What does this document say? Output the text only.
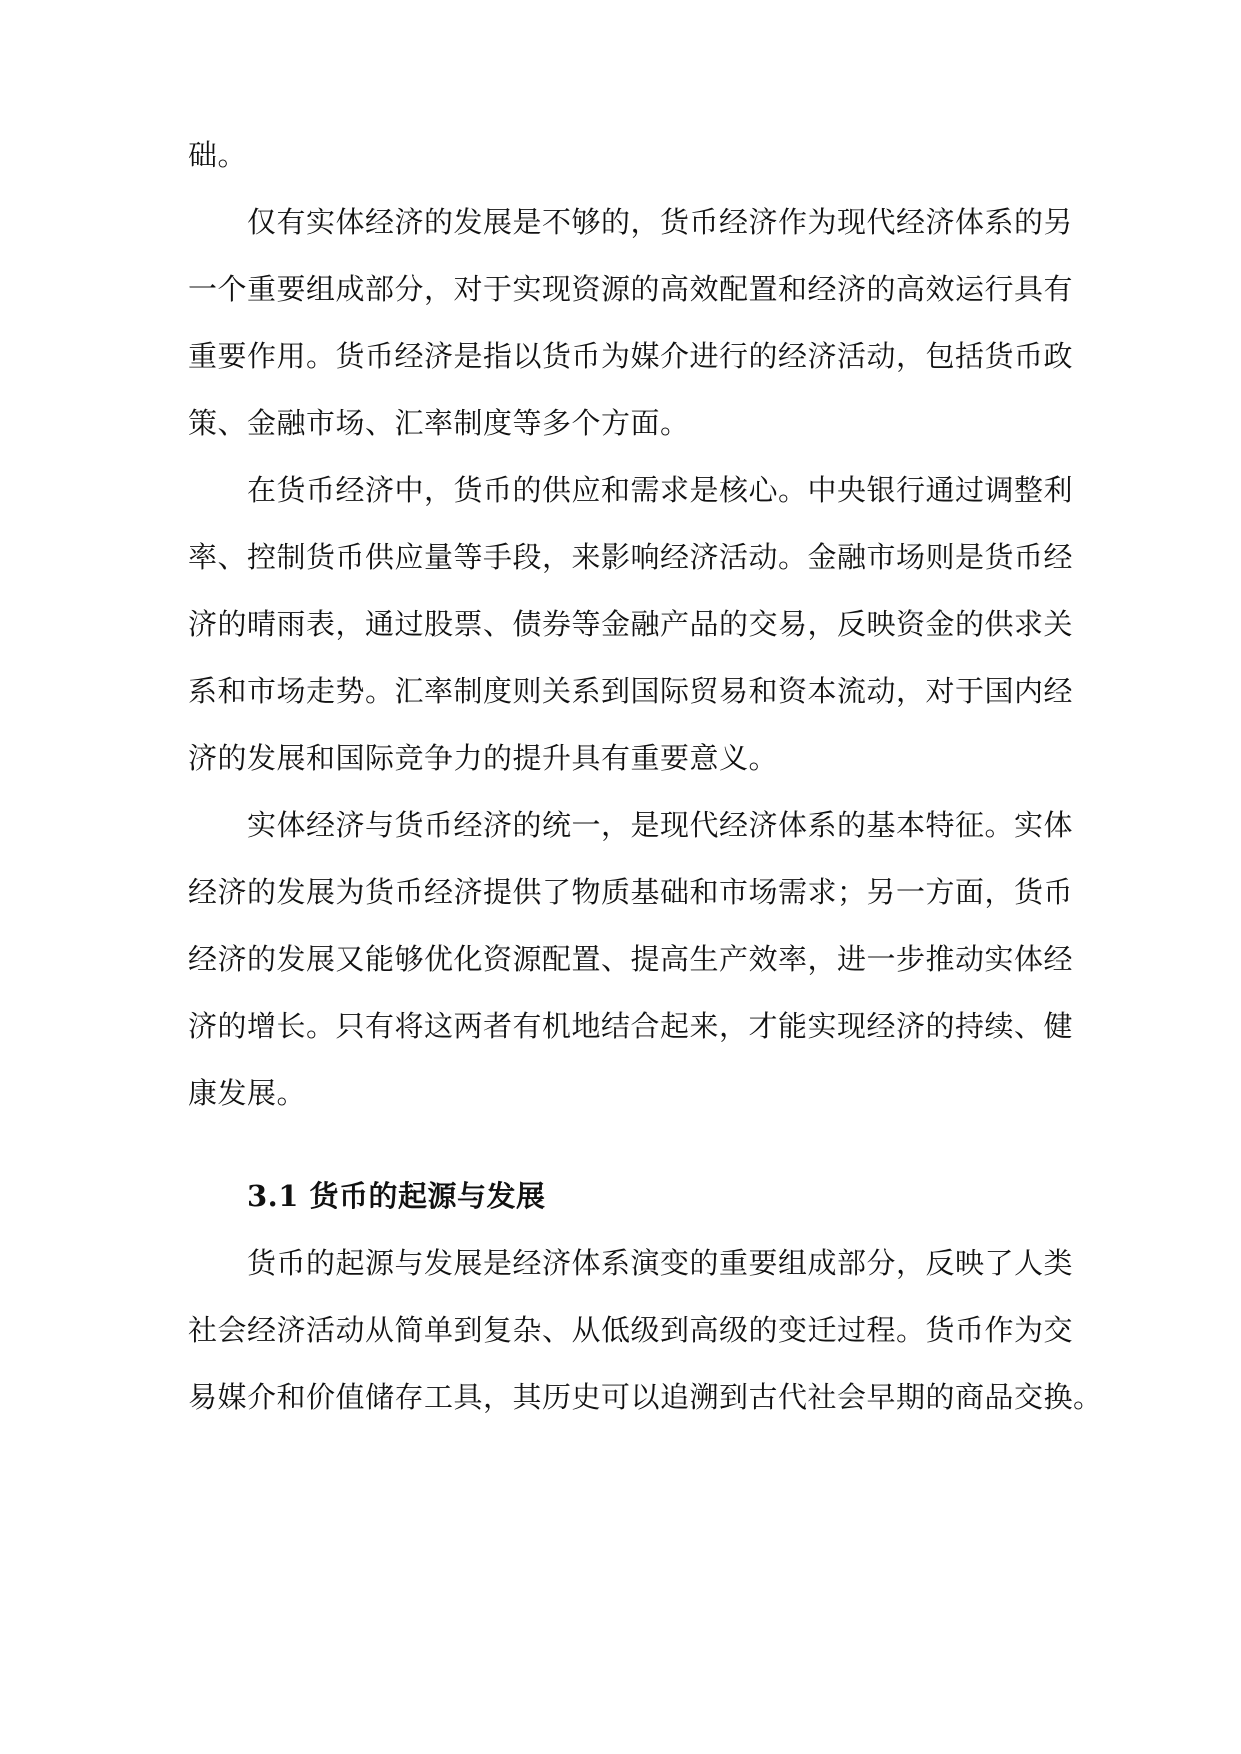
础。
仅有实体经济的发展是不够的，货币经济作为现代经济体系的另
一个重要组成部分，对于实现资源的高效配置和经济的高效运行具有
重要作用。货币经济是指以货币为媒介进行的经济活动，包括货币政
策、金融市场、汇率制度等多个方面。
在货币经济中，货币的供应和需求是核心。中央银行通过调整利
率、控制货币供应量等手段，来影响经济活动。金融市场则是货币经
济的晴雨表，通过股票、债券等金融产品的交易，反映资金的供求关
系和市场走势。汇率制度则关系到国际贸易和资本流动，对于国内经
济的发展和国际竞争力的提升具有重要意义。
实体经济与货币经济的统一，是现代经济体系的基本特征。实体
经济的发展为货币经济提供了物质基础和市场需求；另一方面，货币
经济的发展又能够优化资源配置、提高生产效率，进一步推动实体经
济的增长。只有将这两者有机地结合起来，才能实现经济的持续、健
康发展。
3.1 货币的起源与发展
货币的起源与发展是经济体系演变的重要组成部分，反映了人类
社会经济活动从简单到复杂、从低级到高级的变迁过程。货币作为交
易媒介和价值储存工具，其历史可以追溯到古代社会早期的商品交换。
